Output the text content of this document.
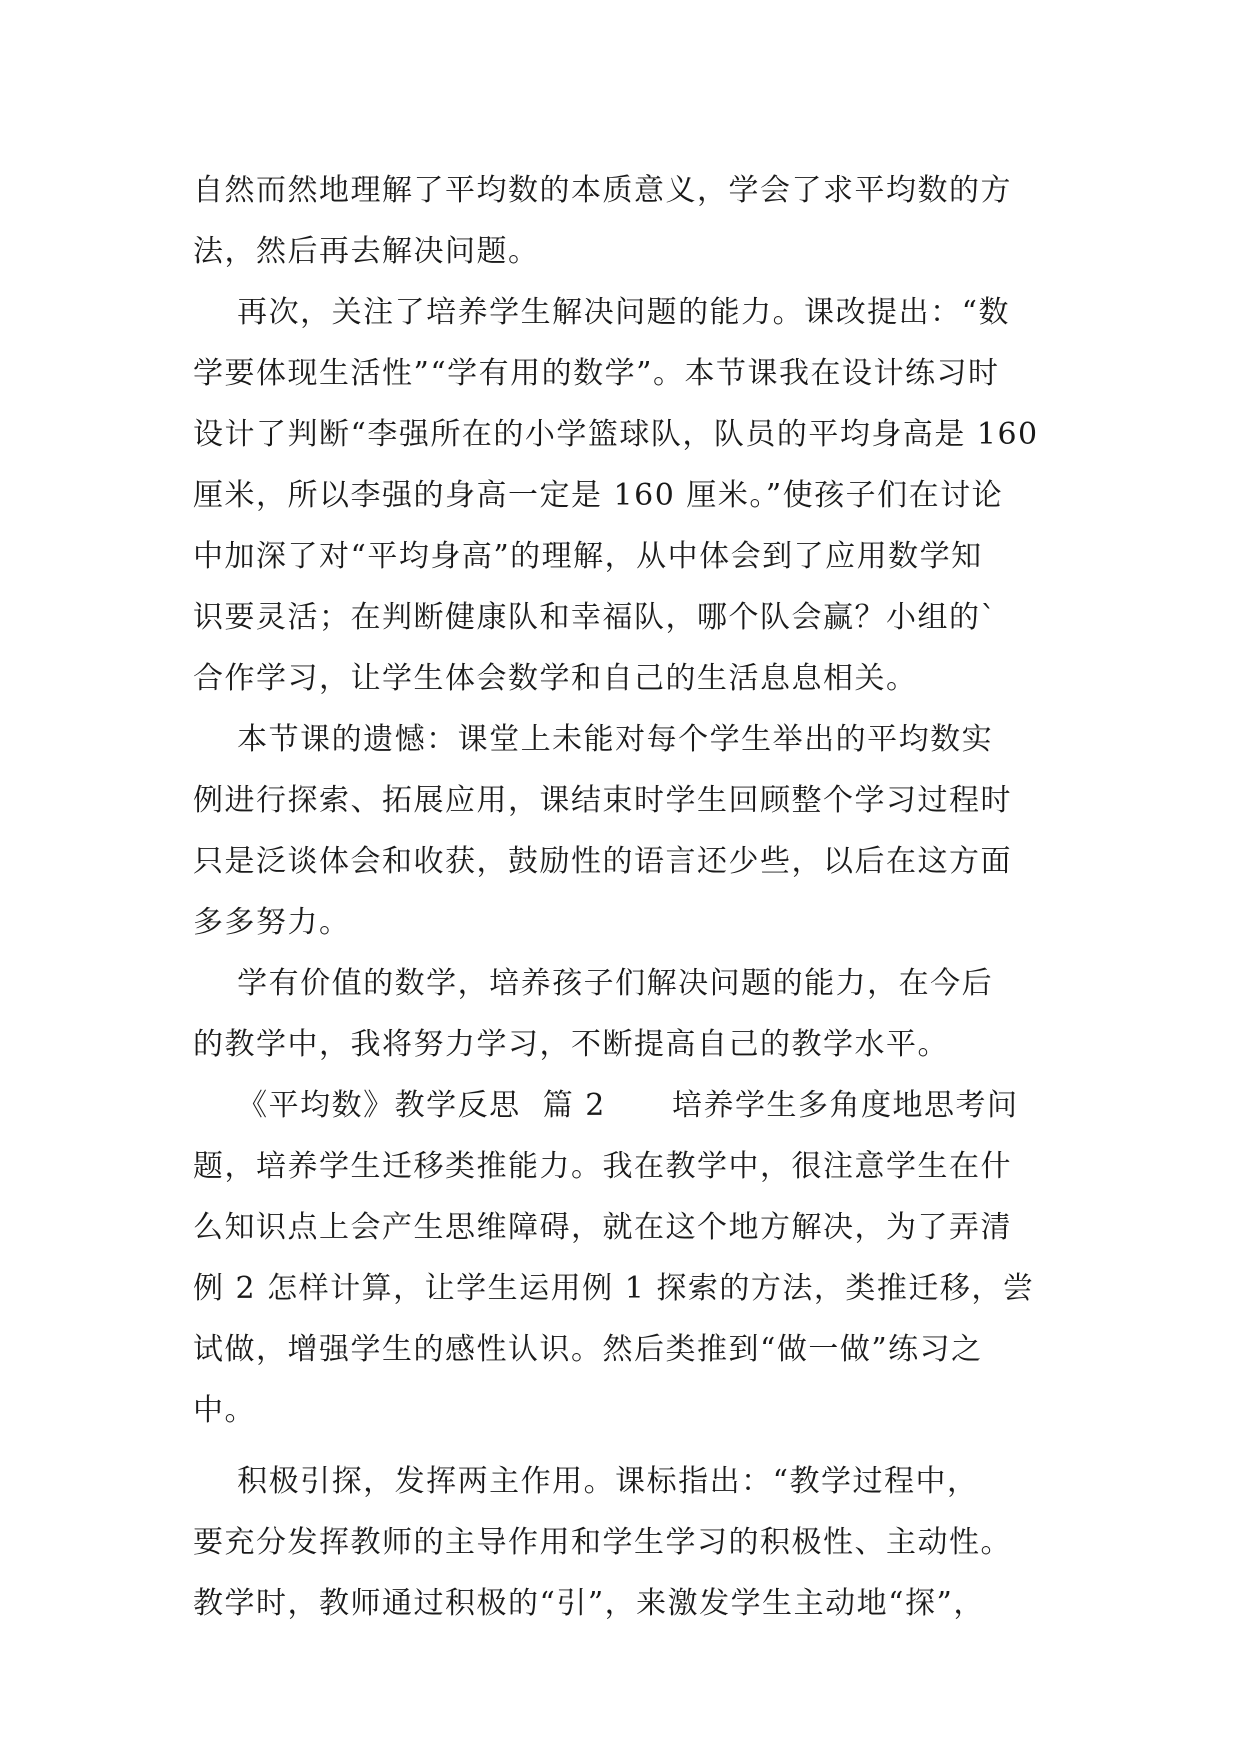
自然而然地理解了平均数的本质意义，学会了求平均数的方
法，然后再去解决问题。
再次，关注了培养学生解决问题的能力。课改提出：“数
学要体现生活性”“学有用的数学”。本节课我在设计练习时
设计了判断“李强所在的小学篮球队，队员的平均身高是 160
厘米，所以李强的身高一定是 160 厘米。”使孩子们在讨论
中加深了对“平均身高”的理解，从中体会到了应用数学知
识要灵活；在判断健康队和幸福队，哪个队会赢？小组的`
合作学习，让学生体会数学和自己的生活息息相关。
本节课的遗憾：课堂上未能对每个学生举出的平均数实
例进行探索、拓展应用，课结束时学生回顾整个学习过程时
只是泛谈体会和收获，鼓励性的语言还少些，以后在这方面
多多努力。
学有价值的数学，培养孩子们解决问题的能力，在今后
的教学中，我将努力学习，不断提高自己的教学水平。
《平均数》教学反思  篇 2      培养学生多角度地思考问
题，培养学生迁移类推能力。我在教学中，很注意学生在什
么知识点上会产生思维障碍，就在这个地方解决，为了弄清
例 2 怎样计算，让学生运用例 1 探索的方法，类推迁移，尝
试做，增强学生的感性认识。然后类推到“做一做”练习之
中。
积极引探，发挥两主作用。课标指出：“教学过程中，
要充分发挥教师的主导作用和学生学习的积极性、主动性。
教学时，教师通过积极的“引”，来激发学生主动地“探”，
